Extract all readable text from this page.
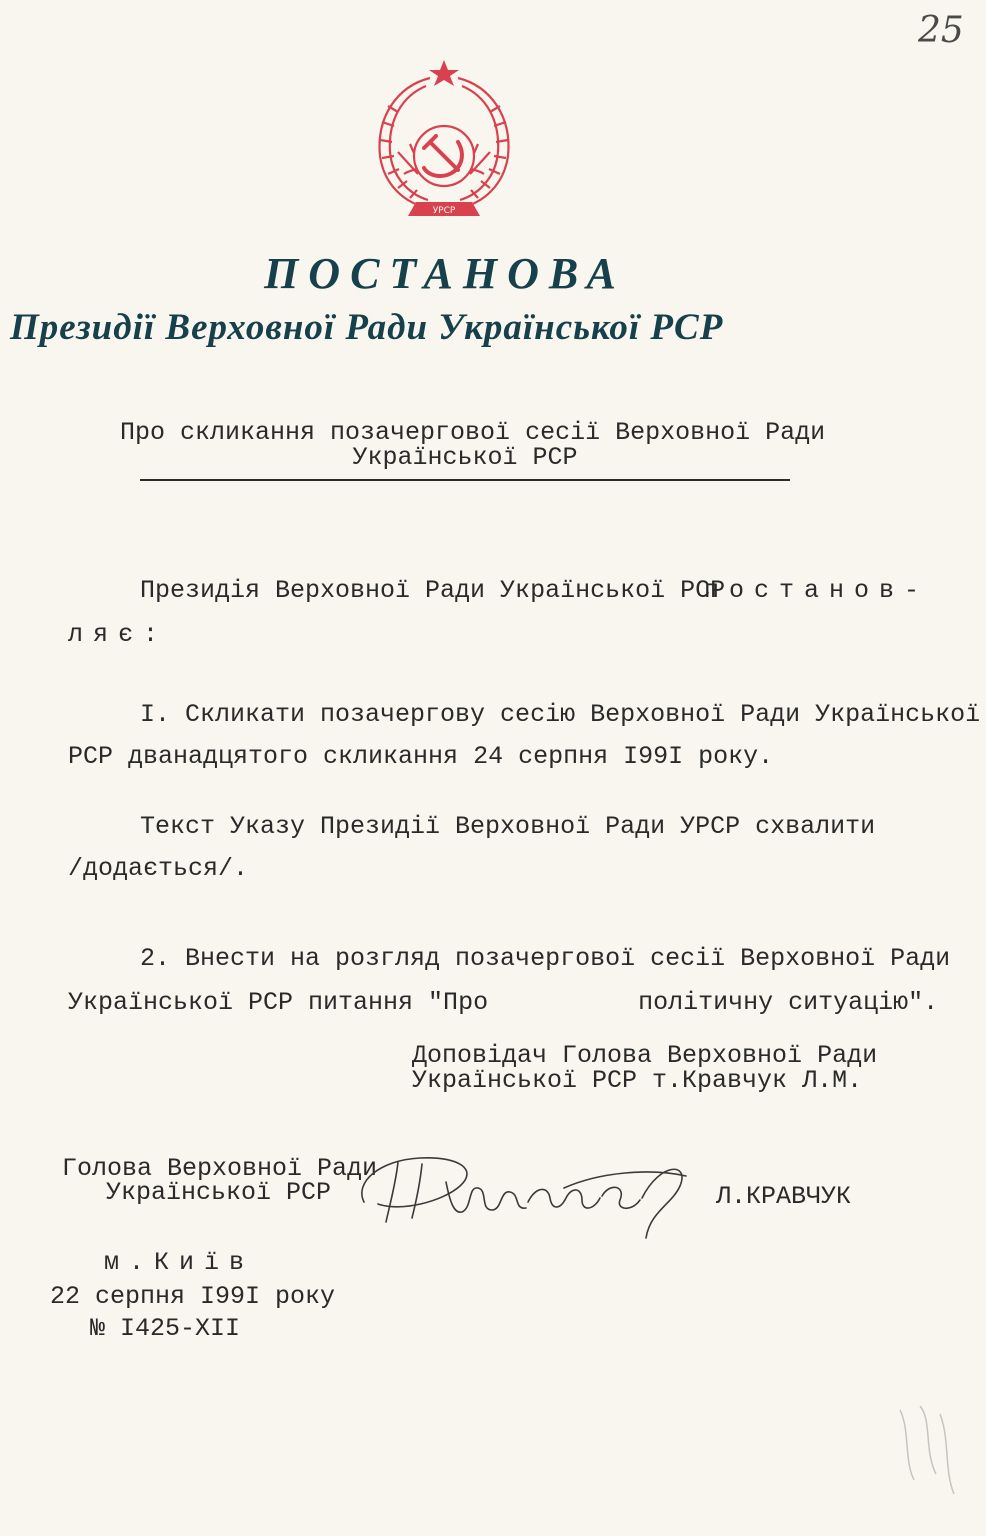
25
УРСР
ПОСТАНОВА
Президії Верховної Ради Української РСР
Про скликання позачергової сесії Верховної Ради
Української РСР
Президія Верховної Ради Української РСР
постанов-
ляє:
I. Скликати позачергову сесію Верховної Ради Української
РСР дванадцятого скликання 24 серпня I99I року.
Текст Указу Президії Верховної Ради УРСР схвалити
/додається/.
2. Внести на розгляд позачергової сесії Верховної Ради
Української РСР питання "Про          політичну ситуацію".
Доповідач Голова Верховної Ради
Української РСР т.Кравчук Л.М.
Голова Верховної Ради
Української РСР	Л.КРАВЧУК
м.Київ
22 серпня I99I року
№ I425-XII
